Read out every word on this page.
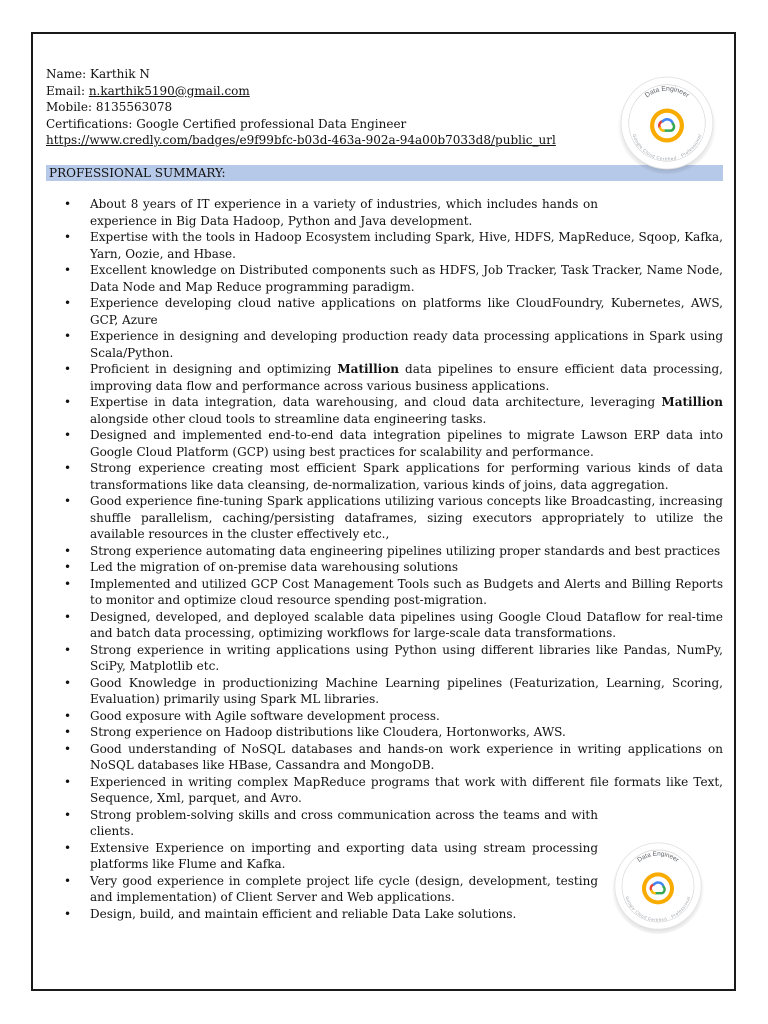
Name: Karthik N
Email: n.karthik5190@gmail.com
Mobile: 8135563078
Certifications: Google Certified professional Data Engineer
https://www.credly.com/badges/e9f99bfc-b03d-463a-902a-94a00b7033d8/public_url
PROFESSIONAL SUMMARY:
• About 8 years of IT experience in a variety of industries, which includes hands on experience in Big Data Hadoop, Python and Java development.
• Expertise with the tools in Hadoop Ecosystem including Spark, Hive, HDFS, MapReduce, Sqoop, Kafka, Yarn, Oozie, and Hbase.
• Excellent knowledge on Distributed components such as HDFS, Job Tracker, Task Tracker, Name Node, Data Node and Map Reduce programming paradigm.
• Experience developing cloud native applications on platforms like CloudFoundry, Kubernetes, AWS, GCP, Azure
• Experience in designing and developing production ready data processing applications in Spark using Scala/Python.
• Proficient in designing and optimizing Matillion data pipelines to ensure efficient data processing, improving data flow and performance across various business applications.
• Expertise in data integration, data warehousing, and cloud data architecture, leveraging Matillion alongside other cloud tools to streamline data engineering tasks.
• Designed and implemented end-to-end data integration pipelines to migrate Lawson ERP data into Google Cloud Platform (GCP) using best practices for scalability and performance.
• Strong experience creating most efficient Spark applications for performing various kinds of data transformations like data cleansing, de-normalization, various kinds of joins, data aggregation.
• Good experience fine-tuning Spark applications utilizing various concepts like Broadcasting, increasing shuffle parallelism, caching/persisting dataframes, sizing executors appropriately to utilize the available resources in the cluster effectively etc.,
• Strong experience automating data engineering pipelines utilizing proper standards and best practices
• Led the migration of on-premise data warehousing solutions
• Implemented and utilized GCP Cost Management Tools such as Budgets and Alerts and Billing Reports to monitor and optimize cloud resource spending post-migration.
• Designed, developed, and deployed scalable data pipelines using Google Cloud Dataflow for real-time and batch data processing, optimizing workflows for large-scale data transformations.
• Strong experience in writing applications using Python using different libraries like Pandas, NumPy, SciPy, Matplotlib etc.
• Good Knowledge in productionizing Machine Learning pipelines (Featurization, Learning, Scoring, Evaluation) primarily using Spark ML libraries.
• Good exposure with Agile software development process.
• Strong experience on Hadoop distributions like Cloudera, Hortonworks, AWS.
• Good understanding of NoSQL databases and hands-on work experience in writing applications on NoSQL databases like HBase, Cassandra and MongoDB.
• Experienced in writing complex MapReduce programs that work with different file formats like Text, Sequence, Xml, parquet, and Avro.
• Strong problem-solving skills and cross communication across the teams and with clients.
• Extensive Experience on importing and exporting data using stream processing platforms like Flume and Kafka.
• Very good experience in complete project life cycle (design, development, testing and implementation) of Client Server and Web applications.
• Design, build, and maintain efficient and reliable Data Lake solutions.
Data Engineer
Google Cloud Certified · Professional
Data Engineer
Google Cloud Certified · Professional
